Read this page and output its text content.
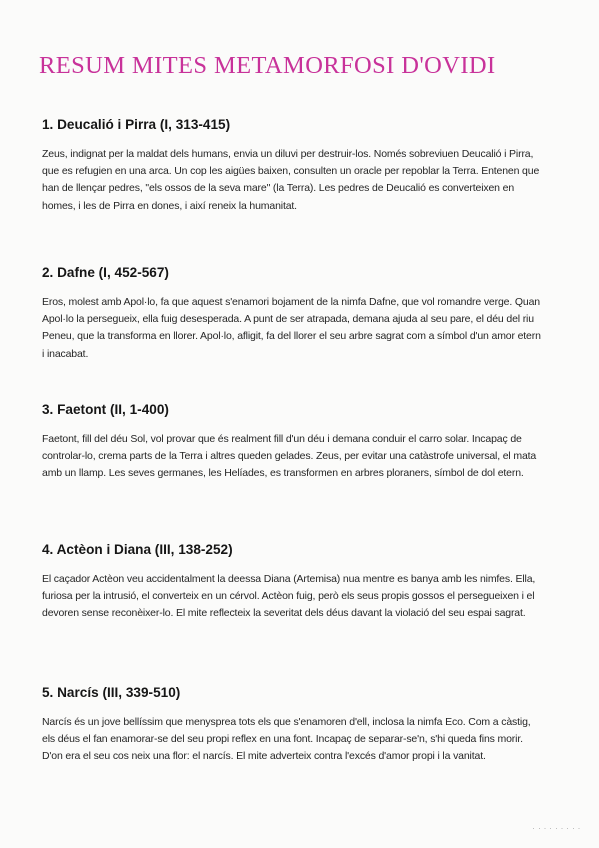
RESUM MITES METAMORFOSI D'OVIDI
1. Deucalió i Pirra (I, 313-415)

Zeus, indignat per la maldat dels humans, envia un diluvi per destruir-los. Només sobreviuen Deucalió i Pirra, que es refugien en una arca. Un cop les aigües baixen, consulten un oracle per repoblar la Terra. Entenen que han de llençar pedres, "els ossos de la seva mare" (la Terra). Les pedres de Deucalió es converteixen en homes, i les de Pirra en dones, i així reneix la humanitat.

2. Dafne (I, 452-567)

Eros, molest amb Apol·lo, fa que aquest s'enamori bojament de la nimfa Dafne, que vol romandre verge. Quan Apol·lo la persegueix, ella fuig desesperada. A punt de ser atrapada, demana ajuda al seu pare, el déu del riu Peneu, que la transforma en llorer. Apol·lo, afligit, fa del llorer el seu arbre sagrat com a símbol d'un amor etern i inacabat.

3. Faetont (II, 1-400)

Faetont, fill del déu Sol, vol provar que és realment fill d'un déu i demana conduir el carro solar. Incapaç de controlar-lo, crema parts de la Terra i altres queden gelades. Zeus, per evitar una catàstrofe universal, el mata amb un llamp. Les seves germanes, les Helíades, es transformen en arbres ploraners, símbol de dol etern.

4. Actèon i Diana (III, 138-252)

El caçador Actèon veu accidentalment la deessa Diana (Artemisa) nua mentre es banya amb les nimfes. Ella, furiosa per la intrusió, el converteix en un cérvol. Actèon fuig, però els seus propis gossos el persegueixen i el devoren sense reconèixer-lo. El mite reflecteix la severitat dels déus davant la violació del seu espai sagrat.

5. Narcís (III, 339-510)

Narcís és un jove bellíssim que menysprea tots els que s'enamoren d'ell, inclosa la nimfa Eco. Com a càstig, els déus el fan enamorar-se del seu propi reflex en una font. Incapaç de separar-se'n, s'hi queda fins morir. D'on era el seu cos neix una flor: el narcís. El mite adverteix contra l'excés d'amor propi i la vanitat.

· · · · · · · · ·
